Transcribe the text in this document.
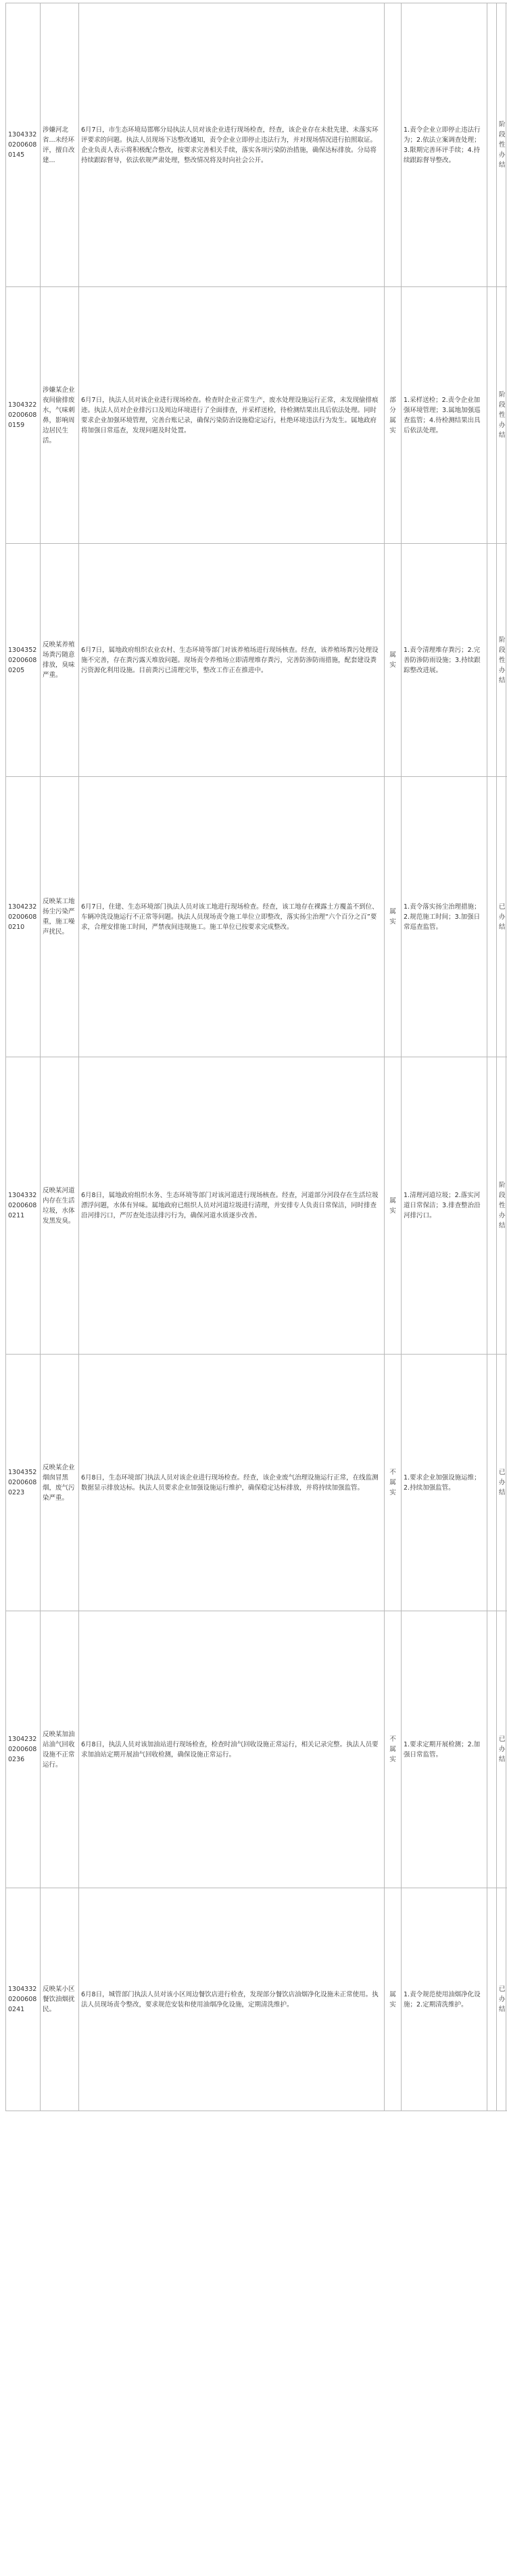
130433202006080145	涉嫌河北省...未经环评，擅自改建...	6月7日，市生态环境局邯郸分局执法人员对该企业进行现场检查，经查，该企业存在未批先建、未落实环评要求的问题。执法人员现场下达整改通知，责令企业立即停止违法行为，并对现场情况进行拍照取证。企业负责人表示将积极配合整改，按要求完善相关手续，落实各项污染防治措施，确保达标排放。分局将持续跟踪督导，依法依规严肃处理，整改情况将及时向社会公开。		1.责令企业立即停止违法行为；2.依法立案调查处理；3.限期完善环评手续；4.持续跟踪督导整改。		阶段性办结	

130432202006080159	涉嫌某企业夜间偷排废水，气味刺鼻，影响周边居民生活。	6月7日，执法人员对该企业进行现场检查。检查时企业正常生产，废水处理设施运行正常，未发现偷排痕迹。执法人员对企业排污口及周边环境进行了全面排查，并采样送检，待检测结果出具后依法处理。同时要求企业加强环境管理，完善台账记录，确保污染防治设施稳定运行，杜绝环境违法行为发生。属地政府将加强日常巡查，发现问题及时处置。	部分属实	1.采样送检；2.责令企业加强环境管理；3.属地加强巡查监管；4.待检测结果出具后依法处理。		阶段性办结	

130435202006080205	反映某养殖场粪污随意排放，臭味严重。	6月7日，属地政府组织农业农村、生态环境等部门对该养殖场进行现场核查。经查，该养殖场粪污处理设施不完善，存在粪污露天堆放问题。现场责令养殖场立即清理堆存粪污，完善防渗防雨措施，配套建设粪污资源化利用设施。目前粪污已清理完毕，整改工作正在推进中。	属实	1.责令清理堆存粪污；2.完善防渗防雨设施；3.持续跟踪整改进展。		阶段性办结	

130423202006080210	反映某工地扬尘污染严重，施工噪声扰民。	6月7日，住建、生态环境部门执法人员对该工地进行现场检查。经查，该工地存在裸露土方覆盖不到位、车辆冲洗设施运行不正常等问题。执法人员现场责令施工单位立即整改，落实扬尘治理“六个百分之百”要求，合理安排施工时间，严禁夜间违规施工。施工单位已按要求完成整改。	属实	1.责令落实扬尘治理措施；2.规范施工时间；3.加强日常巡查监管。		已办结	

130433202006080211	反映某河道内存在生活垃圾，水体发黑发臭。	6月8日，属地政府组织水务、生态环境等部门对该河道进行现场核查。经查，河道部分河段存在生活垃圾漂浮问题，水体有异味。属地政府已组织人员对河道垃圾进行清理，并安排专人负责日常保洁，同时排查沿河排污口，严厉查处违法排污行为，确保河道水质逐步改善。	属实	1.清理河道垃圾；2.落实河道日常保洁；3.排查整治沿河排污口。		阶段性办结	

130435202006080223	反映某企业烟囱冒黑烟，废气污染严重。	6月8日，生态环境部门执法人员对该企业进行现场检查。经查，该企业废气治理设施运行正常，在线监测数据显示排放达标。执法人员要求企业加强设施运行维护，确保稳定达标排放，并将持续加强监管。	不属实	1.要求企业加强设施运维；2.持续加强监管。		已办结	

130423202006080236	反映某加油站油气回收设施不正常运行。	6月8日，执法人员对该加油站进行现场检查，检查时油气回收设施正常运行，相关记录完整。执法人员要求加油站定期开展油气回收检测，确保设施正常运行。	不属实	1.要求定期开展检测；2.加强日常监管。		已办结	

130433202006080241	反映某小区餐饮油烟扰民。	6月8日，城管部门执法人员对该小区周边餐饮店进行检查，发现部分餐饮店油烟净化设施未正常使用。执法人员现场责令整改，要求规范安装和使用油烟净化设施，定期清洗维护。	属实	1.责令规范使用油烟净化设施；2.定期清洗维护。		已办结	
